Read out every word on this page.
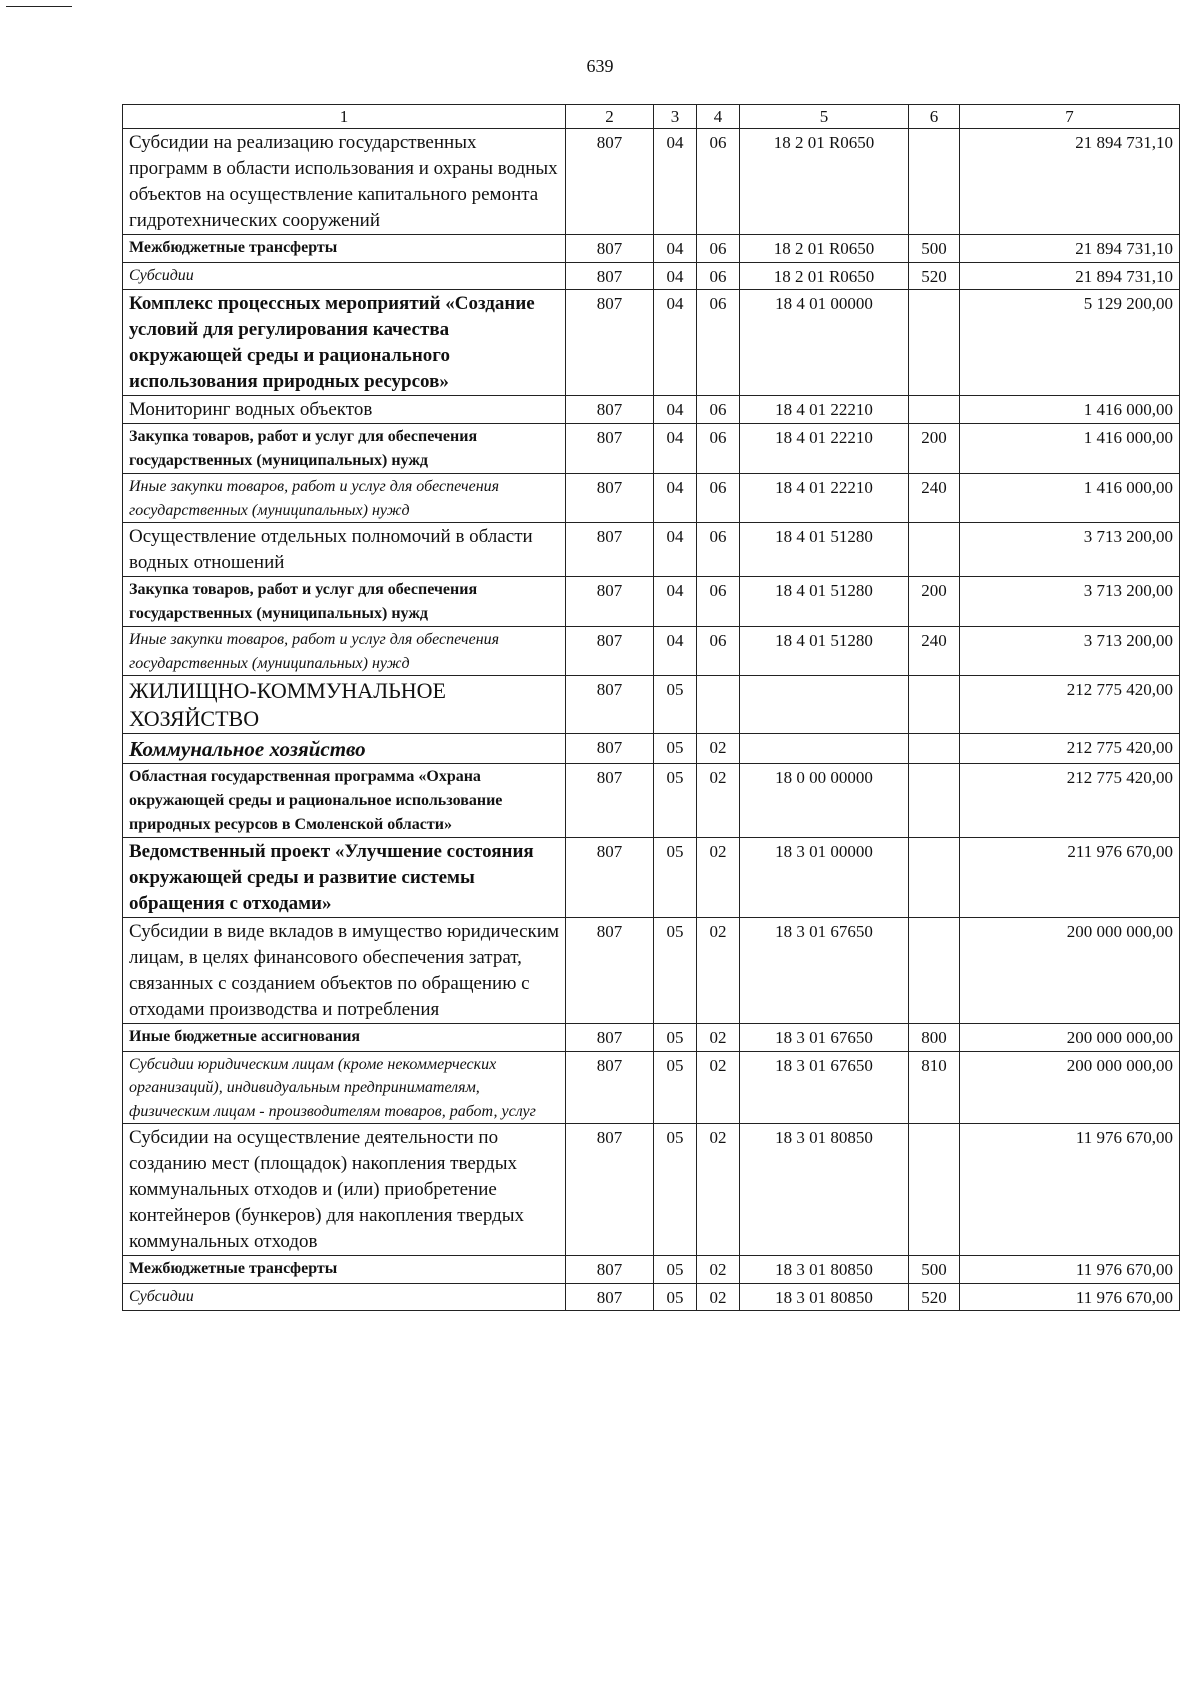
639
1	2	3	4	5	6	7
Субсидии на реализацию государственных программ в области использования и охраны водных объектов на осуществление капитального ремонта гидротехнических сооружений	807	04	06	18 2 01 R0650		21 894 731,10
Межбюджетные трансферты	807	04	06	18 2 01 R0650	500	21 894 731,10
Субсидии	807	04	06	18 2 01 R0650	520	21 894 731,10
Комплекс процессных мероприятий «Создание условий для регулирования качества окружающей среды и рационального использования природных ресурсов»	807	04	06	18 4 01 00000		5 129 200,00
Мониторинг водных объектов	807	04	06	18 4 01 22210		1 416 000,00
Закупка товаров, работ и услуг для обеспечения государственных (муниципальных) нужд	807	04	06	18 4 01 22210	200	1 416 000,00
Иные закупки товаров, работ и услуг для обеспечения государственных (муниципальных) нужд	807	04	06	18 4 01 22210	240	1 416 000,00
Осуществление отдельных полномочий в области водных отношений	807	04	06	18 4 01 51280		3 713 200,00
Закупка товаров, работ и услуг для обеспечения государственных (муниципальных) нужд	807	04	06	18 4 01 51280	200	3 713 200,00
Иные закупки товаров, работ и услуг для обеспечения государственных (муниципальных) нужд	807	04	06	18 4 01 51280	240	3 713 200,00
ЖИЛИЩНО-КОММУНАЛЬНОЕ ХОЗЯЙСТВО	807	05				212 775 420,00
Коммунальное хозяйство	807	05	02			212 775 420,00
Областная государственная программа «Охрана окружающей среды и рациональное использование природных ресурсов в Смоленской области»	807	05	02	18 0 00 00000		212 775 420,00
Ведомственный проект «Улучшение состояния окружающей среды и развитие системы обращения с отходами»	807	05	02	18 3 01 00000		211 976 670,00
Субсидии в виде вкладов в имущество юридическим лицам, в целях финансового обеспечения затрат, связанных с созданием объектов по обращению с отходами производства и потребления	807	05	02	18 3 01 67650		200 000 000,00
Иные бюджетные ассигнования	807	05	02	18 3 01 67650	800	200 000 000,00
Субсидии юридическим лицам (кроме некоммерческих организаций), индивидуальным предпринимателям, физическим лицам - производителям товаров, работ, услуг	807	05	02	18 3 01 67650	810	200 000 000,00
Субсидии на осуществление деятельности по созданию мест (площадок) накопления твердых коммунальных отходов и (или) приобретение контейнеров (бункеров) для накопления твердых коммунальных отходов	807	05	02	18 3 01 80850		11 976 670,00
Межбюджетные трансферты	807	05	02	18 3 01 80850	500	11 976 670,00
Субсидии	807	05	02	18 3 01 80850	520	11 976 670,00
